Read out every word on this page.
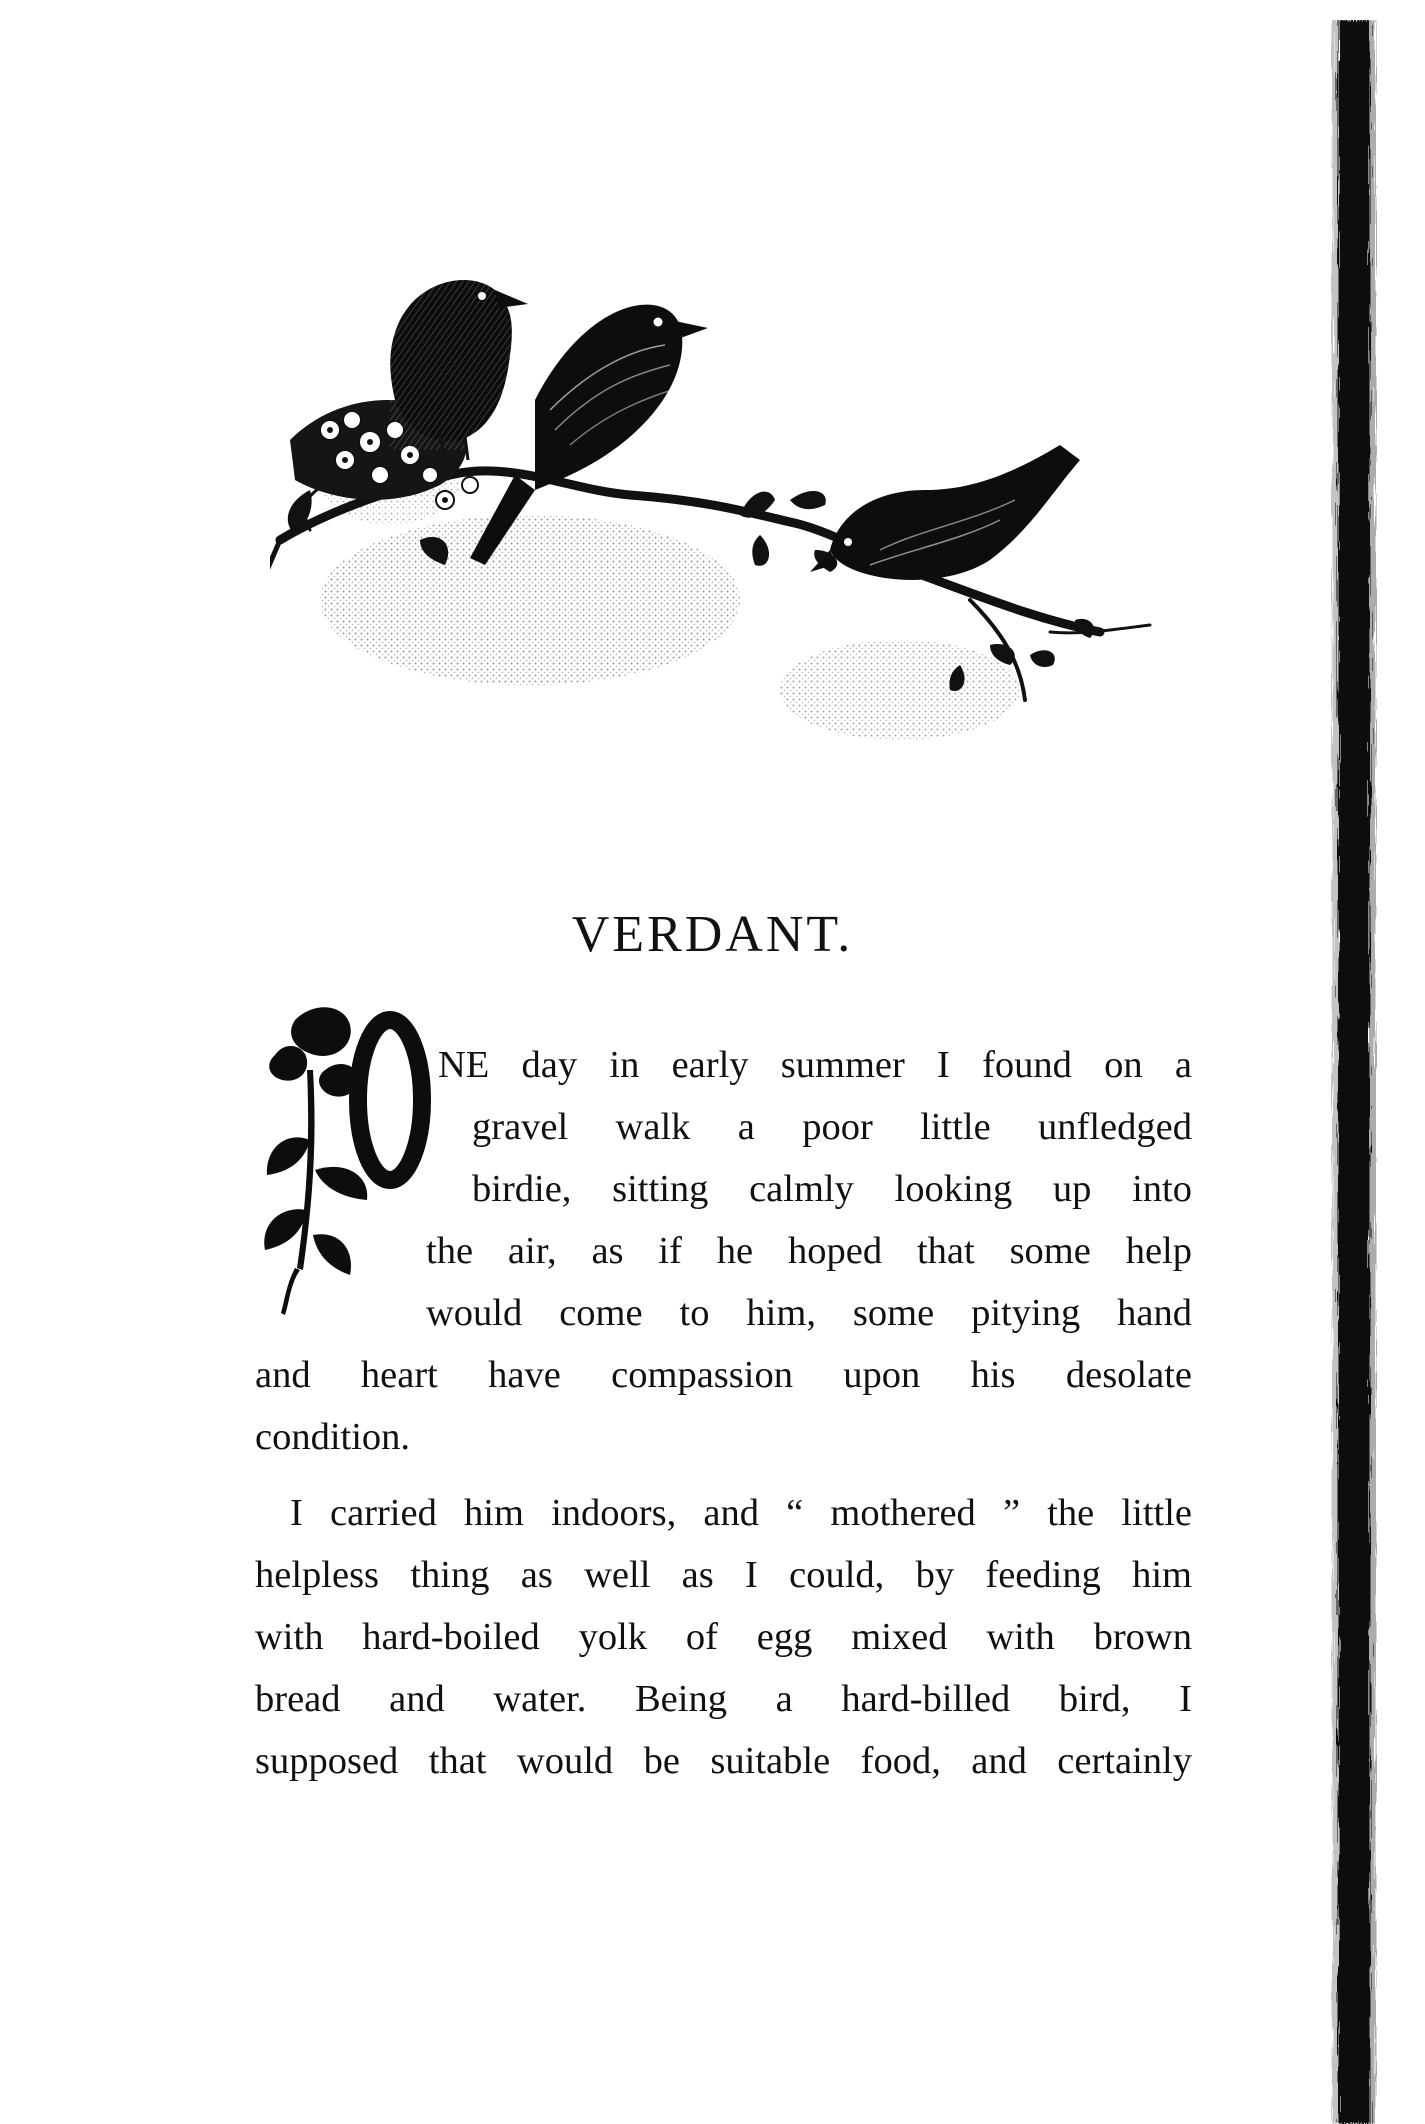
VERDANT.
NE day in early summer I found on a
gravel walk a poor little unfledged
birdie, sitting calmly looking up into
the air, as if he hoped that some help
would come to him, some pitying hand
and heart have compassion upon his desolate
condition.
I carried him indoors, and “ mothered ” the little
helpless thing as well as I could, by feeding him
with hard-boiled yolk of egg mixed with brown
bread and water. Being a hard-billed bird, I
supposed that would be suitable food, and certainly
